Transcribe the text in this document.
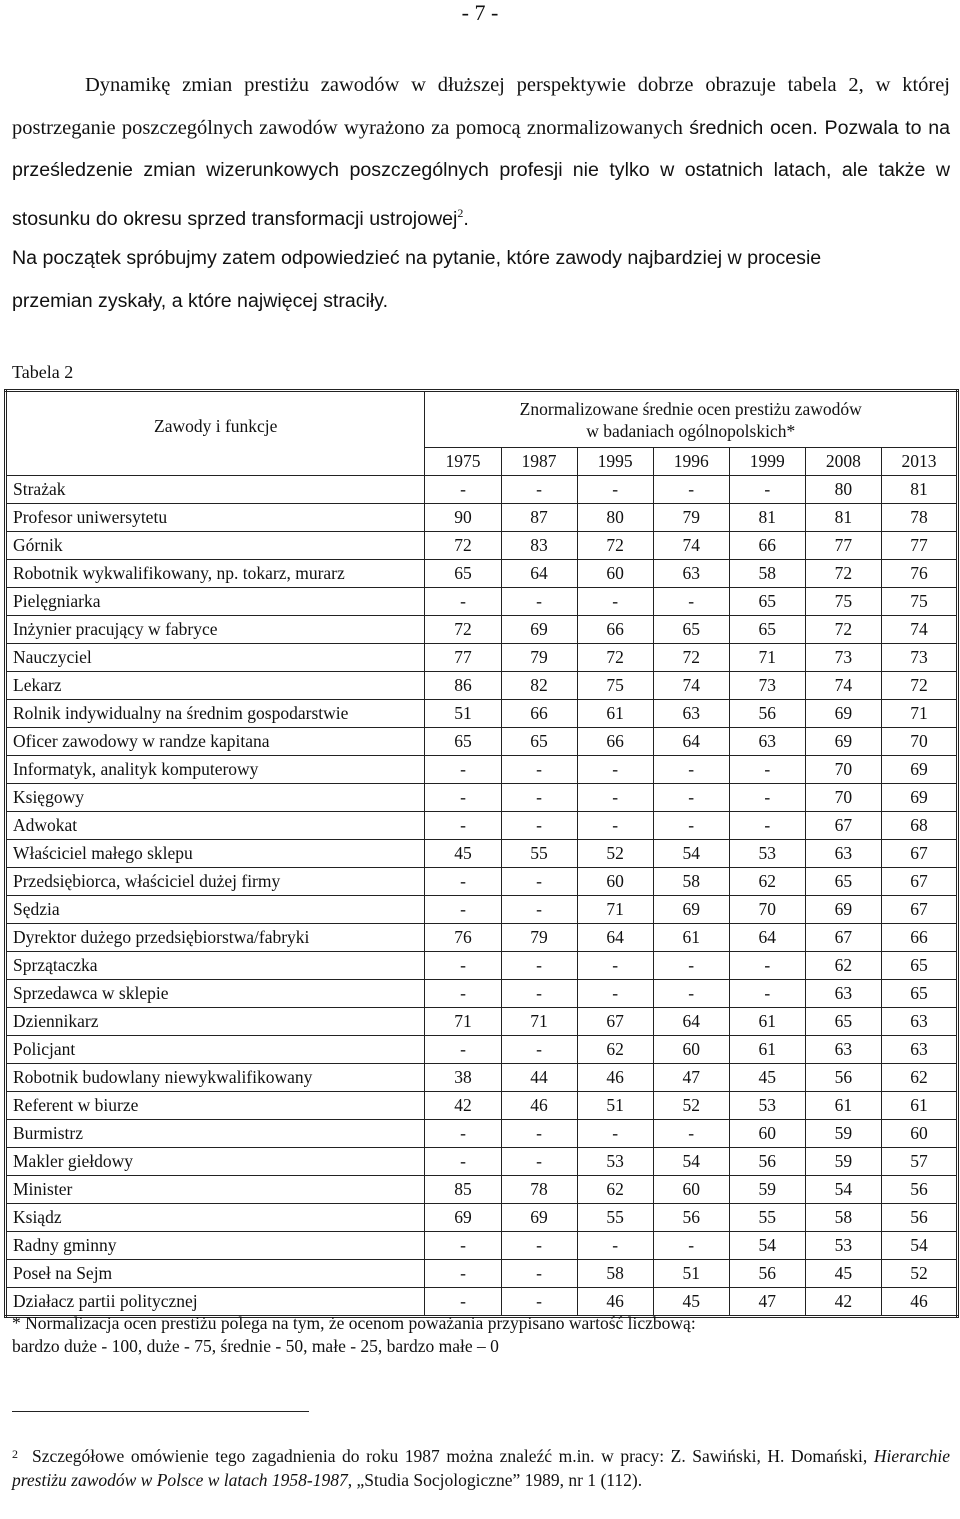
- 7 -

Dynamikę zmian prestiżu zawodów w dłuższej perspektywie dobrze obrazuje tabela 2, w której postrzeganie poszczególnych zawodów wyrażono za pomocą znormalizowanych średnich ocen. Pozwala to na prześledzenie zmian wizerunkowych poszczególnych profesji nie tylko w ostatnich latach, ale także w stosunku do okresu sprzed transformacji ustrojowej$^2$.

Na początek spróbujmy zatem odpowiedzieć na pytanie, które zawody najbardziej w procesie
przemian zyskały, a które najwięcej straciły.

Tabela 2
Zawody i funkcje	Znormalizowane średnie ocen prestiżu zawodów
w badaniach ogólnopolskich*						
	1975	1987	1995	1996	1999	2008	2013
Strażak	-	-	-	-	-	80	81
Profesor uniwersytetu	90	87	80	79	81	81	78
Górnik	72	83	72	74	66	77	77
Robotnik wykwalifikowany, np. tokarz, murarz	65	64	60	63	58	72	76
Pielęgniarka	-	-	-	-	65	75	75
Inżynier pracujący w fabryce	72	69	66	65	65	72	74
Nauczyciel	77	79	72	72	71	73	73
Lekarz	86	82	75	74	73	74	72
Rolnik indywidualny na średnim gospodarstwie	51	66	61	63	56	69	71
Oficer zawodowy w randze kapitana	65	65	66	64	63	69	70
Informatyk, analityk komputerowy	-	-	-	-	-	70	69
Księgowy	-	-	-	-	-	70	69
Adwokat	-	-	-	-	-	67	68
Właściciel małego sklepu	45	55	52	54	53	63	67
Przedsiębiorca, właściciel dużej firmy	-	-	60	58	62	65	67
Sędzia	-	-	71	69	70	69	67
Dyrektor dużego przedsiębiorstwa/fabryki	76	79	64	61	64	67	66
Sprzątaczka	-	-	-	-	-	62	65
Sprzedawca w sklepie	-	-	-	-	-	63	65
Dziennikarz	71	71	67	64	61	65	63
Policjant	-	-	62	60	61	63	63
Robotnik budowlany niewykwalifikowany	38	44	46	47	45	56	62
Referent w biurze	42	46	51	52	53	61	61
Burmistrz	-	-	-	-	60	59	60
Makler giełdowy	-	-	53	54	56	59	57
Minister	85	78	62	60	59	54	56
Ksiądz	69	69	55	56	55	58	56
Radny gminny	-	-	-	-	54	53	54
Poseł na Sejm	-	-	58	51	56	45	52
Działacz partii politycznej	-	-	46	45	47	42	46
* Normalizacja ocen prestiżu polega na tym, że ocenom poważania przypisano wartość liczbową:
bardzo duże - 100, duże - 75, średnie - 50, małe - 25, bardzo małe – 0
$^2$ Szczegółowe omówienie tego zagadnienia do roku 1987 można znaleźć m.in. w pracy: Z. Sawiński, H. Domański, Hierarchie prestiżu zawodów w Polsce w latach 1958-1987, „Studia Socjologiczne” 1989, nr 1 (112).
